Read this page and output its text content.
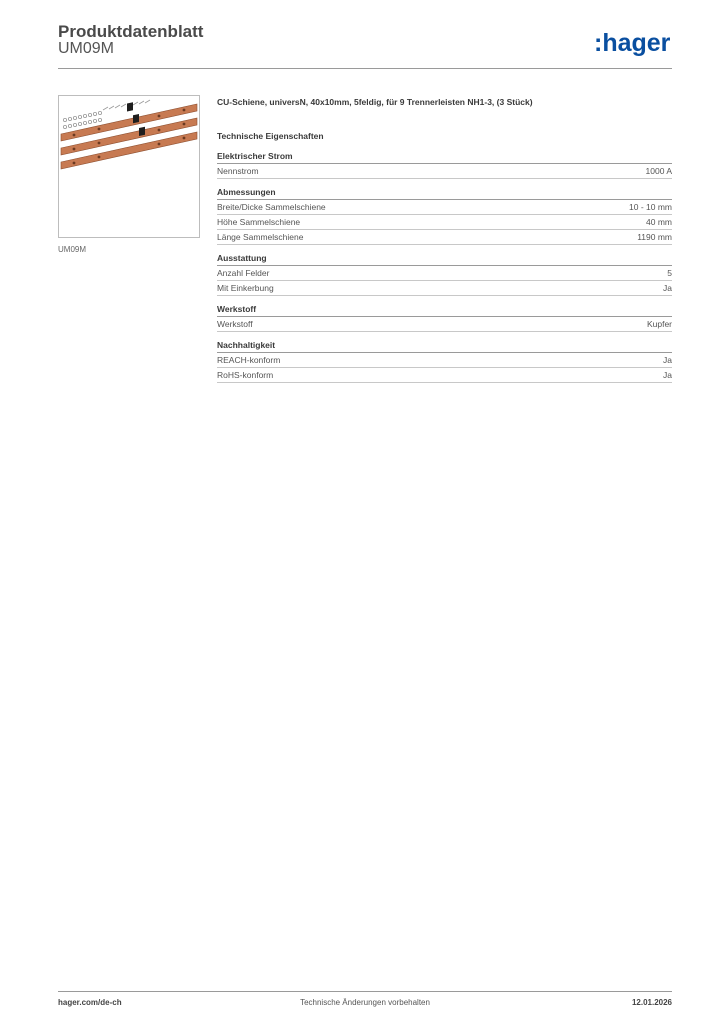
Produktdatenblatt
UM09M	:hager
UM09M
CU-Schiene, universN, 40x10mm, 5feldig, für 9 Trennerleisten NH1-3, (3 Stück)
Technische Eigenschaften
Elektrischer Strom
Nennstrom	1000 A
Abmessungen
Breite/Dicke Sammelschiene	10 - 10 mm
Höhe Sammelschiene	40 mm
Länge Sammelschiene	1190 mm
Ausstattung
Anzahl Felder	5
Mit Einkerbung	Ja
Werkstoff
Werkstoff	Kupfer
Nachhaltigkeit
REACH-konform	Ja
RoHS-konform	Ja
hager.com/de-ch	Technische Änderungen vorbehalten	12.01.2026
